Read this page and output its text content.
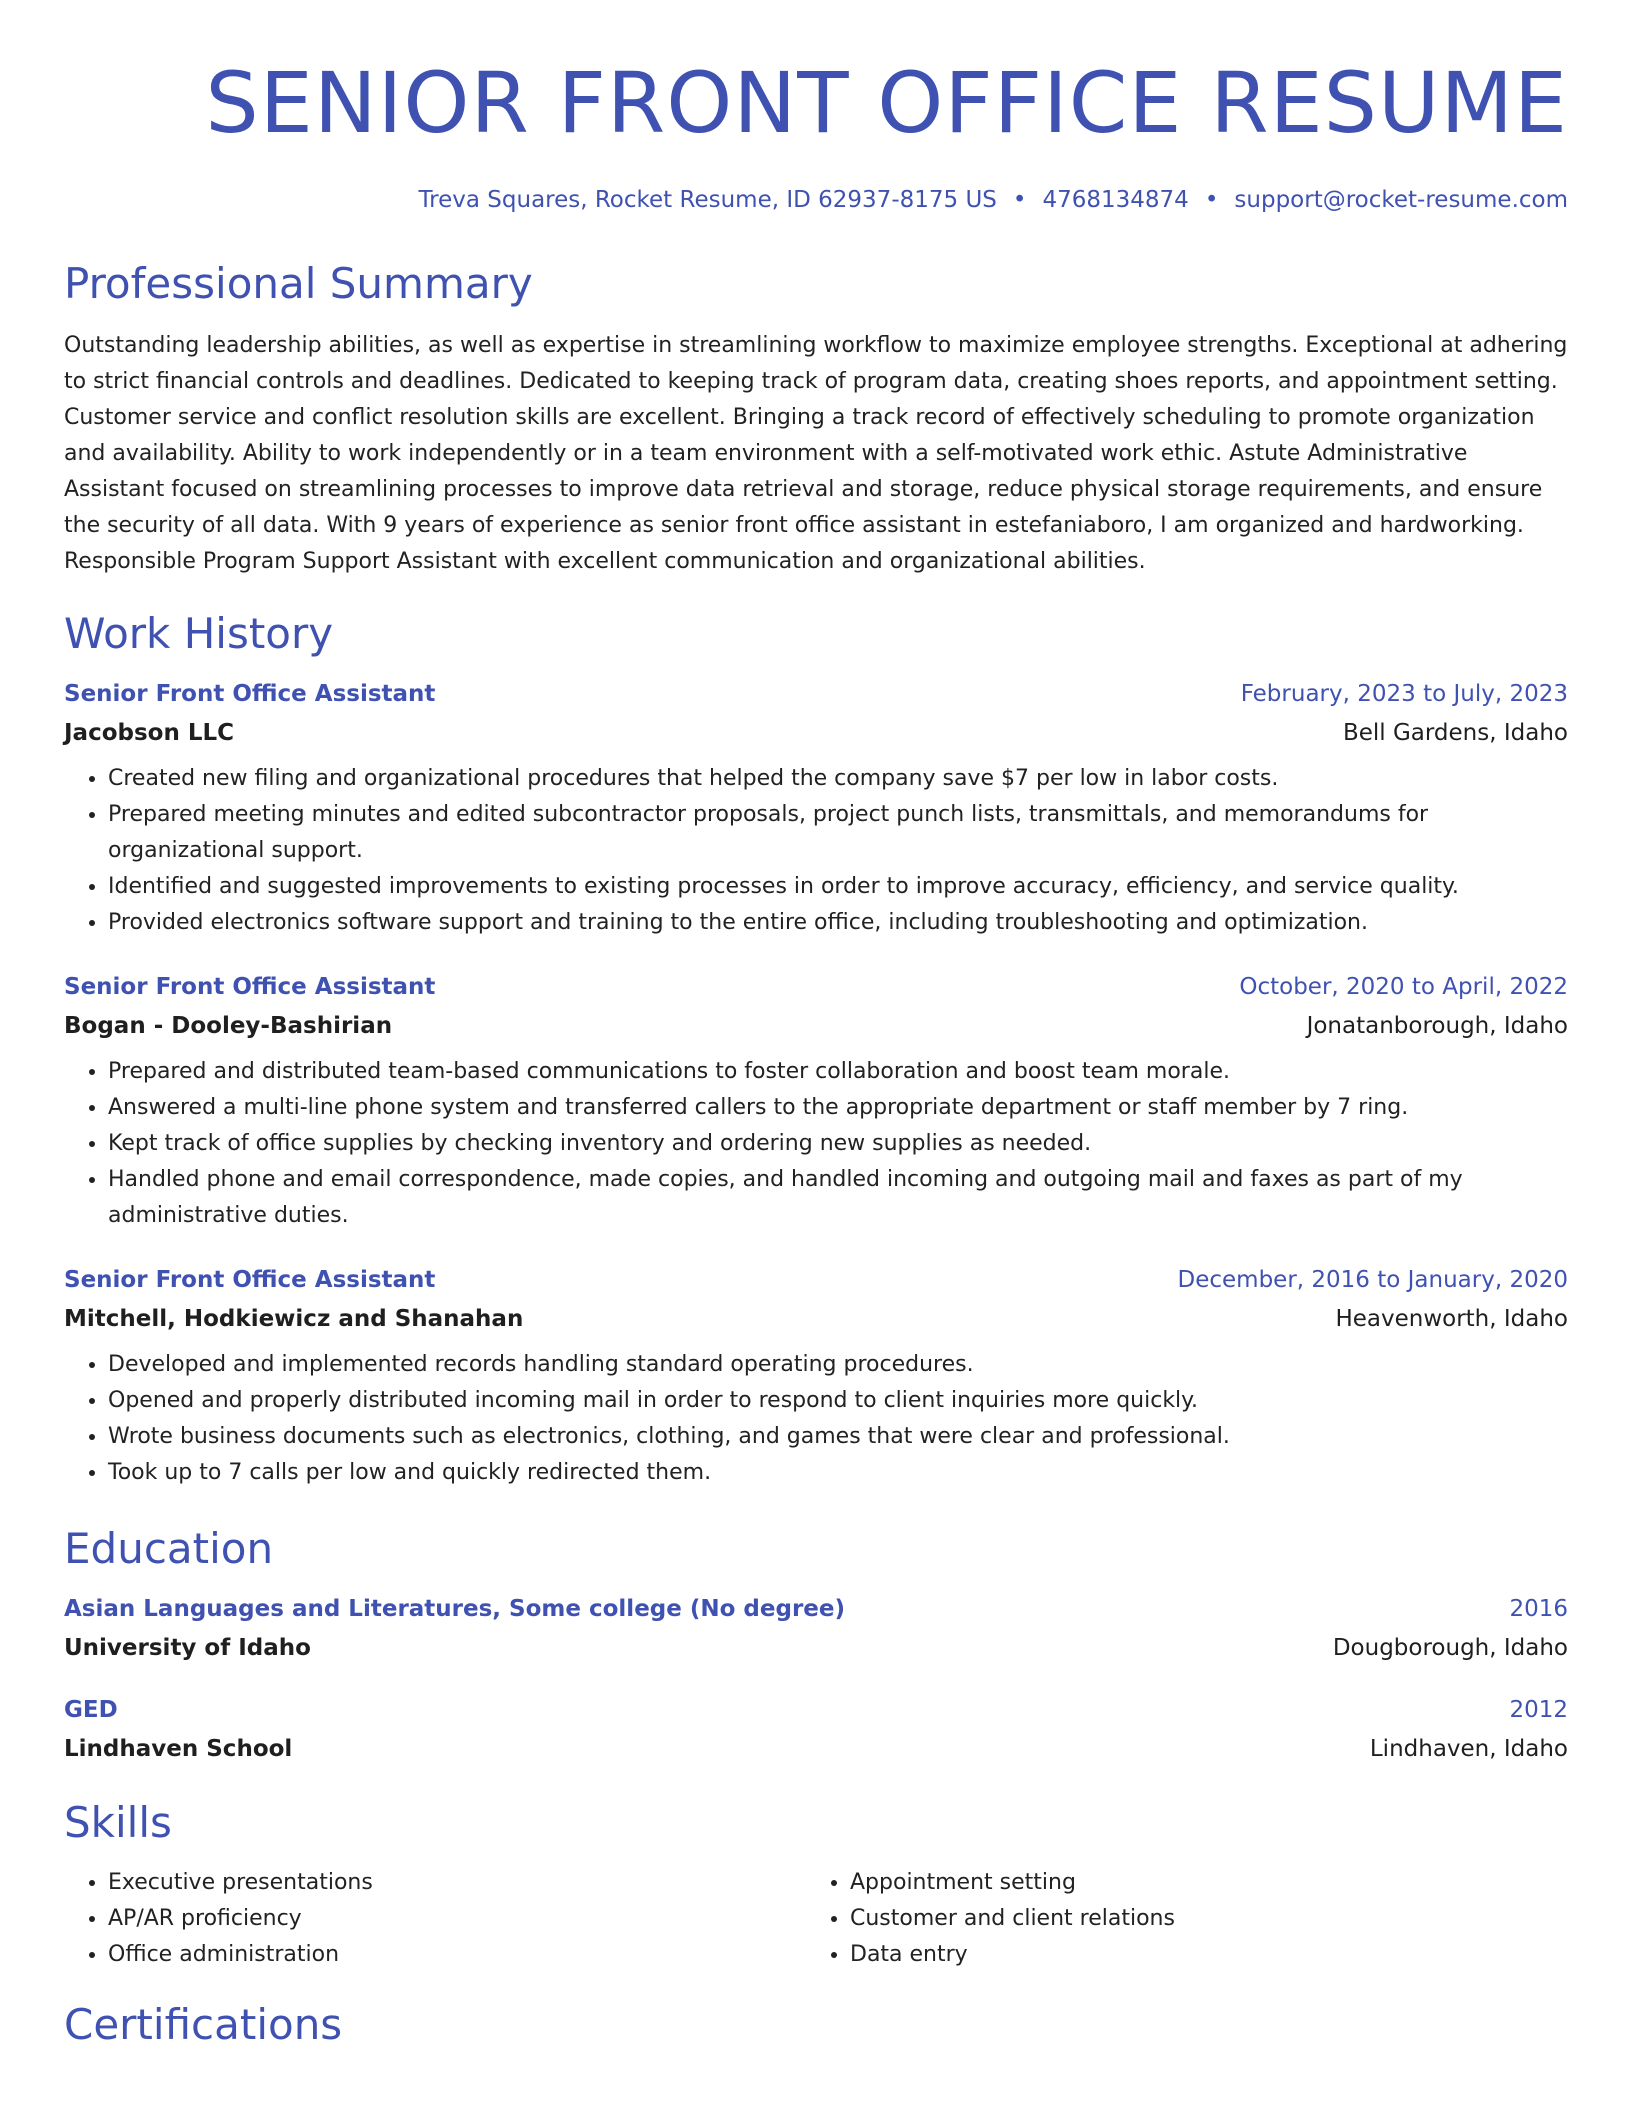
SENIOR FRONT OFFICE RESUME
Treva Squares, Rocket Resume, ID 62937-8175 US • 4768134874 • support@rocket-resume.com
Professional Summary

Outstanding leadership abilities, as well as expertise in streamlining workflow to maximize employee strengths. Exceptional at adhering to strict financial controls and deadlines. Dedicated to keeping track of program data, creating shoes reports, and appointment setting. Customer service and conflict resolution skills are excellent. Bringing a track record of effectively scheduling to promote organization and availability. Ability to work independently or in a team environment with a self-motivated work ethic. Astute Administrative Assistant focused on streamlining processes to improve data retrieval and storage, reduce physical storage requirements, and ensure the security of all data. With 9 years of experience as senior front office assistant in estefaniaboro, I am organized and hardworking. Responsible Program Support Assistant with excellent communication and organizational abilities.

Work History
Senior Front Office Assistant	February, 2023 to July, 2023
Jacobson LLC	Bell Gardens, Idaho
• Created new filing and organizational procedures that helped the company save $7 per low in labor costs.
• Prepared meeting minutes and edited subcontractor proposals, project punch lists, transmittals, and memorandums for organizational support.
• Identified and suggested improvements to existing processes in order to improve accuracy, efficiency, and service quality.
• Provided electronics software support and training to the entire office, including troubleshooting and optimization.
Senior Front Office Assistant	October, 2020 to April, 2022
Bogan - Dooley-Bashirian	Jonatanborough, Idaho
• Prepared and distributed team-based communications to foster collaboration and boost team morale.
• Answered a multi-line phone system and transferred callers to the appropriate department or staff member by 7 ring.
• Kept track of office supplies by checking inventory and ordering new supplies as needed.
• Handled phone and email correspondence, made copies, and handled incoming and outgoing mail and faxes as part of my administrative duties.
Senior Front Office Assistant	December, 2016 to January, 2020
Mitchell, Hodkiewicz and Shanahan	Heavenworth, Idaho
• Developed and implemented records handling standard operating procedures.
• Opened and properly distributed incoming mail in order to respond to client inquiries more quickly.
• Wrote business documents such as electronics, clothing, and games that were clear and professional.
• Took up to 7 calls per low and quickly redirected them.
Education
Asian Languages and Literatures, Some college (No degree)	2016
University of Idaho	Dougborough, Idaho
GED	2012
Lindhaven School	Lindhaven, Idaho
Skills
• Executive presentations
• AP/AR proficiency
• Office administration
• Appointment setting
• Customer and client relations
• Data entry
Certifications
